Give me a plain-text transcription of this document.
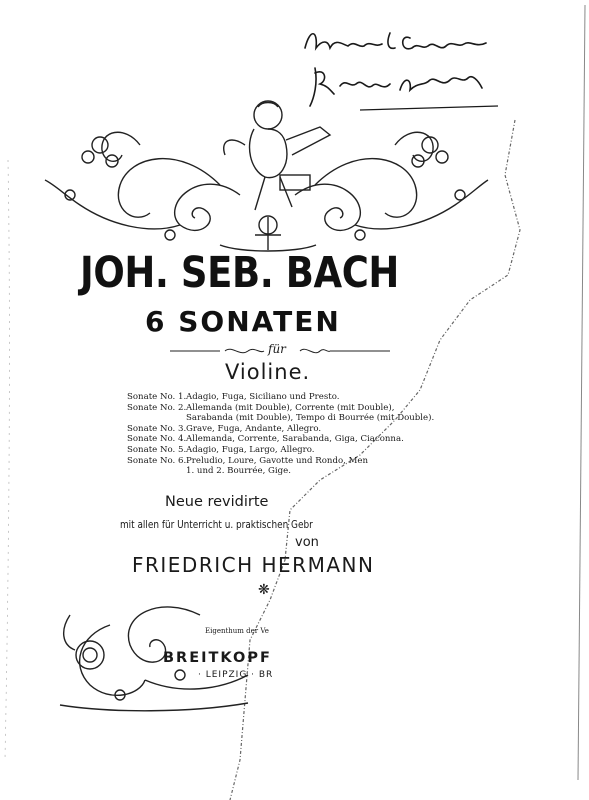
JOH. SEB. BACH
6 SONATEN
für
Violine.
Sonate No. 1. Adagio, Fuga, Siciliano und Presto.
Sonate No. 2. Allemanda (mit Double), Corrente (mit Double),
Sarabanda (mit Double), Tempo di Bourrée (mit Double).
Sonate No. 3. Grave, Fuga, Andante, Allegro.
Sonate No. 4. Allemanda, Corrente, Sarabanda, Giga, Ciaconna.
Sonate No. 5. Adagio, Fuga, Largo, Allegro.
Sonate No. 6. Preludio, Loure, Gavotte und Rondo, Men
1. und 2. Bourrée, Gige.
Neue revidirte
mit allen für Unterricht u. praktischen Gebr
von
FRIEDRICH HERMANN
❋
Eigenthum der Ve
BREITKOPF
· LEIPZIG · BR
